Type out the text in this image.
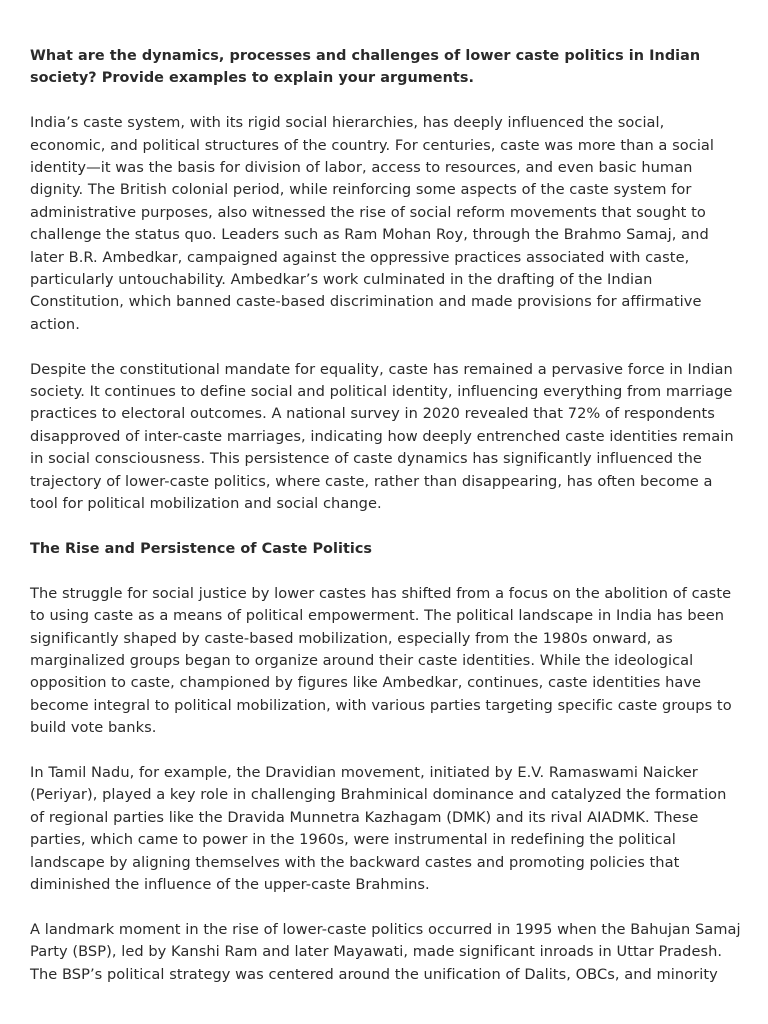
What are the dynamics, processes and challenges of lower caste politics in Indian society? Provide examples to explain your arguments.

India’s caste system, with its rigid social hierarchies, has deeply influenced the social, economic, and political structures of the country. For centuries, caste was more than a social identity—it was the basis for division of labor, access to resources, and even basic human dignity. The British colonial period, while reinforcing some aspects of the caste system for administrative purposes, also witnessed the rise of social reform movements that sought to challenge the status quo. Leaders such as Ram Mohan Roy, through the Brahmo Samaj, and later B.R. Ambedkar, campaigned against the oppressive practices associated with caste, particularly untouchability. Ambedkar’s work culminated in the drafting of the Indian Constitution, which banned caste-based discrimination and made provisions for affirmative action.

Despite the constitutional mandate for equality, caste has remained a pervasive force in Indian society. It continues to define social and political identity, influencing everything from marriage practices to electoral outcomes. A national survey in 2020 revealed that 72% of respondents disapproved of inter-caste marriages, indicating how deeply entrenched caste identities remain in social consciousness. This persistence of caste dynamics has significantly influenced the trajectory of lower-caste politics, where caste, rather than disappearing, has often become a tool for political mobilization and social change.

The Rise and Persistence of Caste Politics

The struggle for social justice by lower castes has shifted from a focus on the abolition of caste to using caste as a means of political empowerment. The political landscape in India has been significantly shaped by caste-based mobilization, especially from the 1980s onward, as marginalized groups began to organize around their caste identities. While the ideological opposition to caste, championed by figures like Ambedkar, continues, caste identities have become integral to political mobilization, with various parties targeting specific caste groups to build vote banks.

In Tamil Nadu, for example, the Dravidian movement, initiated by E.V. Ramaswami Naicker (Periyar), played a key role in challenging Brahminical dominance and catalyzed the formation of regional parties like the Dravida Munnetra Kazhagam (DMK) and its rival AIADMK. These parties, which came to power in the 1960s, were instrumental in redefining the political landscape by aligning themselves with the backward castes and promoting policies that diminished the influence of the upper-caste Brahmins.

A landmark moment in the rise of lower-caste politics occurred in 1995 when the Bahujan Samaj Party (BSP), led by Kanshi Ram and later Mayawati, made significant inroads in Uttar Pradesh. The BSP’s political strategy was centered around the unification of Dalits, OBCs, and minority
